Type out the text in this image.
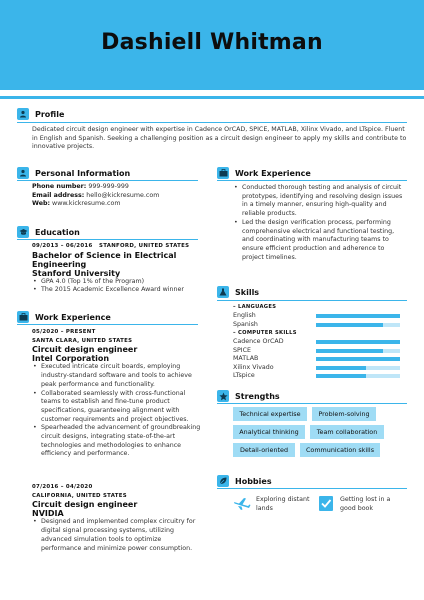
Dashiell Whitman
Profile
Dedicated circuit design engineer with expertise in Cadence OrCAD, SPICE, MATLAB, Xilinx Vivado, and LTspice. Fluent in English and Spanish. Seeking a challenging position as a circuit design engineer to apply my skills and contribute to innovative projects.
Personal Information
Phone number: 999-999-999
Email address: hello@kickresume.com
Web: www.kickresume.com
Education
09/2013 – 06/2016 STANFORD, UNITED STATES
Bachelor of Science in Electrical Engineering
Stanford University
• GPA 4.0 (Top 1% of the Program)
• The 2015 Academic Excellence Award winner
Work Experience
05/2020 – PRESENT
SANTA CLARA, UNITED STATES
Circuit design engineer
Intel Corporation
• Executed intricate circuit boards, employing industry-standard software and tools to achieve peak performance and functionality.
• Collaborated seamlessly with cross-functional teams to establish and fine-tune product specifications, guaranteeing alignment with customer requirements and project objectives.
• Spearheaded the advancement of groundbreaking circuit designs, integrating state-of-the-art technologies and methodologies to enhance efficiency and performance.
07/2016 – 04/2020
CALIFORNIA, UNITED STATES
Circuit design engineer
NVIDIA
• Designed and implemented complex circuitry for digital signal processing systems, utilizing advanced simulation tools to optimize performance and minimize power consumption.
Work Experience
• Conducted thorough testing and analysis of circuit prototypes, identifying and resolving design issues in a timely manner, ensuring high-quality and reliable products.
• Led the design verification process, performing comprehensive electrical and functional testing, and coordinating with manufacturing teams to ensure efficient production and adherence to project timelines.
Skills
– LANGUAGES
English
Spanish
– COMPUTER SKILLS
Cadence OrCAD
SPICE
MATLAB
Xilinx Vivado
LTspice
Strengths
Technical expertise	Problem-solving
Analytical thinking	Team collaboration
Detail-oriented	Communication skills
Hobbies
Exploring distant lands
Getting lost in a good book
